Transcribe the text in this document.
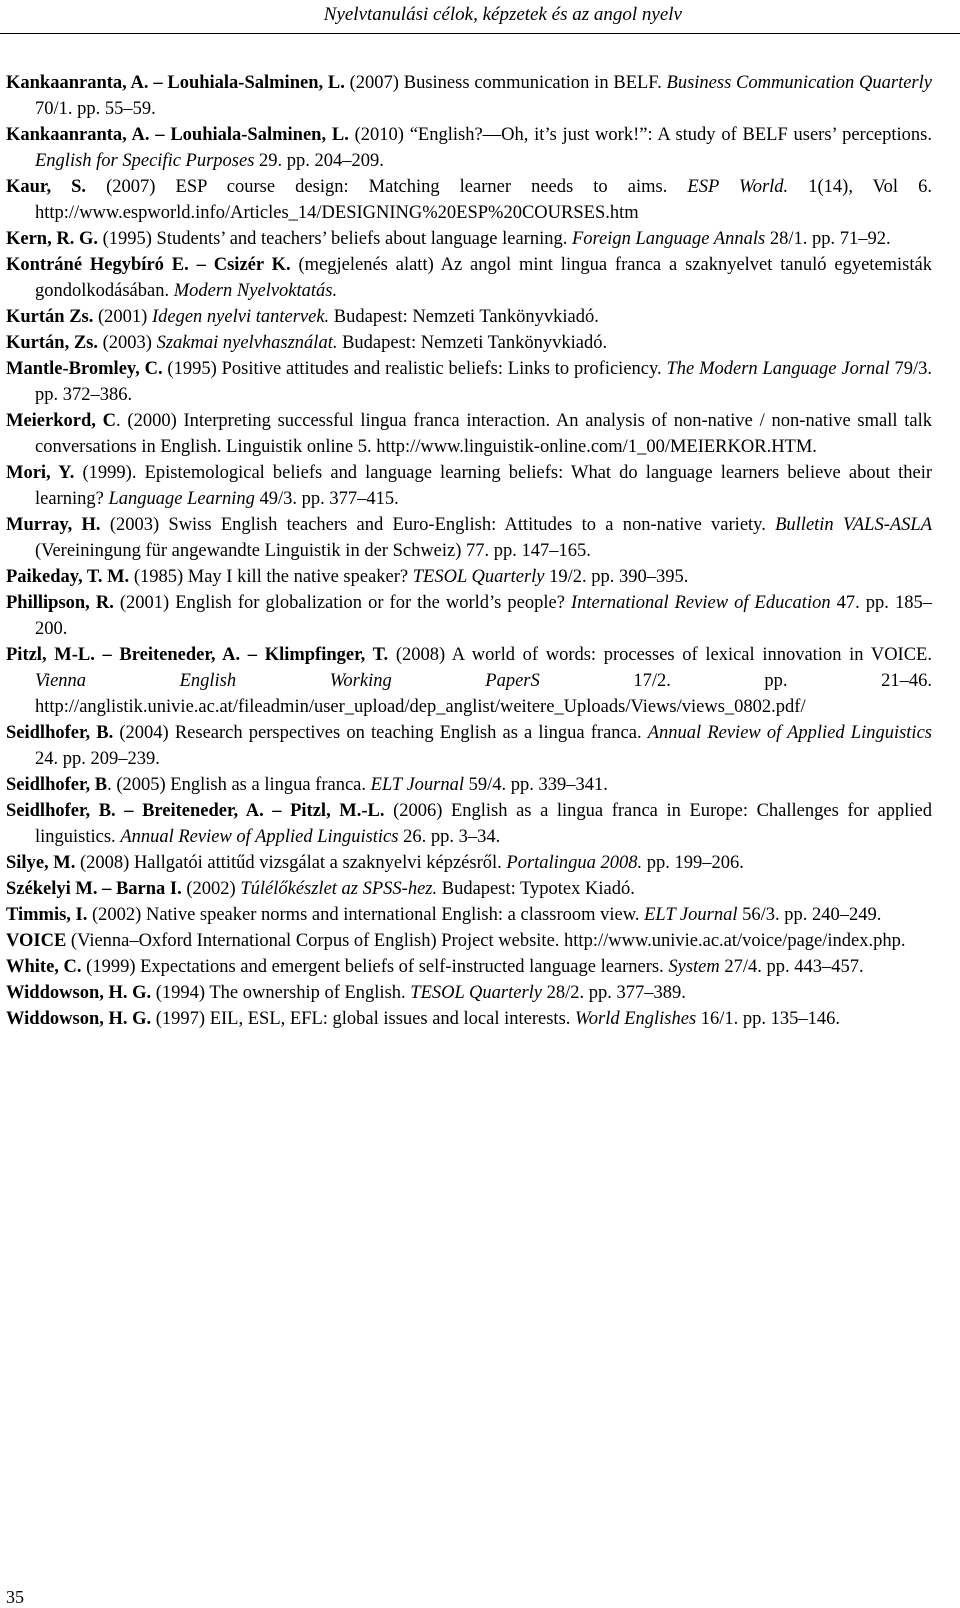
Nyelvtanulási célok, képzetek és az angol nyelv

Kankaanranta, A. – Louhiala-Salminen, L. (2007) Business communication in BELF. Business Communication Quarterly 70/1. pp. 55–59.

Kankaanranta, A. – Louhiala-Salminen, L. (2010) “English?—Oh, it’s just work!”: A study of BELF users’ perceptions. English for Specific Purposes 29. pp. 204–209.

Kaur, S. (2007) ESP course design: Matching learner needs to aims. ESP World. 1(14), Vol 6. http://www.espworld.info/Articles_14/DESIGNING%20ESP%20COURSES.htm

Kern, R. G. (1995) Students’ and teachers’ beliefs about language learning. Foreign Language Annals 28/1. pp. 71–92.

Kontráné Hegybíró E. – Csizér K. (megjelenés alatt) Az angol mint lingua franca a szaknyelvet tanuló egyetemisták gondolkodásában. Modern Nyelvoktatás.

Kurtán Zs. (2001) Idegen nyelvi tantervek. Budapest: Nemzeti Tankönyvkiadó.

Kurtán, Zs. (2003) Szakmai nyelvhasználat. Budapest: Nemzeti Tankönyvkiadó.

Mantle-Bromley, C. (1995) Positive attitudes and realistic beliefs: Links to proficiency. The Modern Language Jornal 79/3. pp. 372–386.

Meierkord, C. (2000) Interpreting successful lingua franca interaction. An analysis of non-native / non-native small talk conversations in English. Linguistik online 5. http://www.linguistik-online.com/1_00/MEIERKOR.HTM.

Mori, Y. (1999). Epistemological beliefs and language learning beliefs: What do language learners believe about their learning? Language Learning 49/3. pp. 377–415.

Murray, H. (2003) Swiss English teachers and Euro-English: Attitudes to a non-native variety. Bulletin VALS-ASLA (Vereiningung für angewandte Linguistik in der Schweiz) 77. pp. 147–165.

Paikeday, T. M. (1985) May I kill the native speaker? TESOL Quarterly 19/2. pp. 390–395.

Phillipson, R. (2001) English for globalization or for the world’s people? International Review of Education 47. pp. 185–200.

Pitzl, M-L. – Breiteneder, A. – Klimpfinger, T. (2008) A world of words: processes of lexical innovation in VOICE. Vienna English Working PaperS 17/2. pp. 21–46. http://anglistik.univie.ac.at/fileadmin/user_upload/dep_anglist/weitere_Uploads/Views/views_0802.pdf/

Seidlhofer, B. (2004) Research perspectives on teaching English as a lingua franca. Annual Review of Applied Linguistics 24. pp. 209–239.

Seidlhofer, B. (2005) English as a lingua franca. ELT Journal 59/4. pp. 339–341.

Seidlhofer, B. – Breiteneder, A. – Pitzl, M.-L. (2006) English as a lingua franca in Europe: Challenges for applied linguistics. Annual Review of Applied Linguistics 26. pp. 3–34.

Silye, M. (2008) Hallgatói attitűd vizsgálat a szaknyelvi képzésről. Portalingua 2008. pp. 199–206.

Székelyi M. – Barna I. (2002) Túlélőkészlet az SPSS-hez. Budapest: Typotex Kiadó.

Timmis, I. (2002) Native speaker norms and international English: a classroom view. ELT Journal 56/3. pp. 240–249.

VOICE (Vienna–Oxford International Corpus of English) Project website. http://www.univie.ac.at/voice/page/index.php.

White, C. (1999) Expectations and emergent beliefs of self-instructed language learners. System 27/4. pp. 443–457.

Widdowson, H. G. (1994) The ownership of English. TESOL Quarterly 28/2. pp. 377–389.

Widdowson, H. G. (1997) EIL, ESL, EFL: global issues and local interests. World Englishes 16/1. pp. 135–146.

35
